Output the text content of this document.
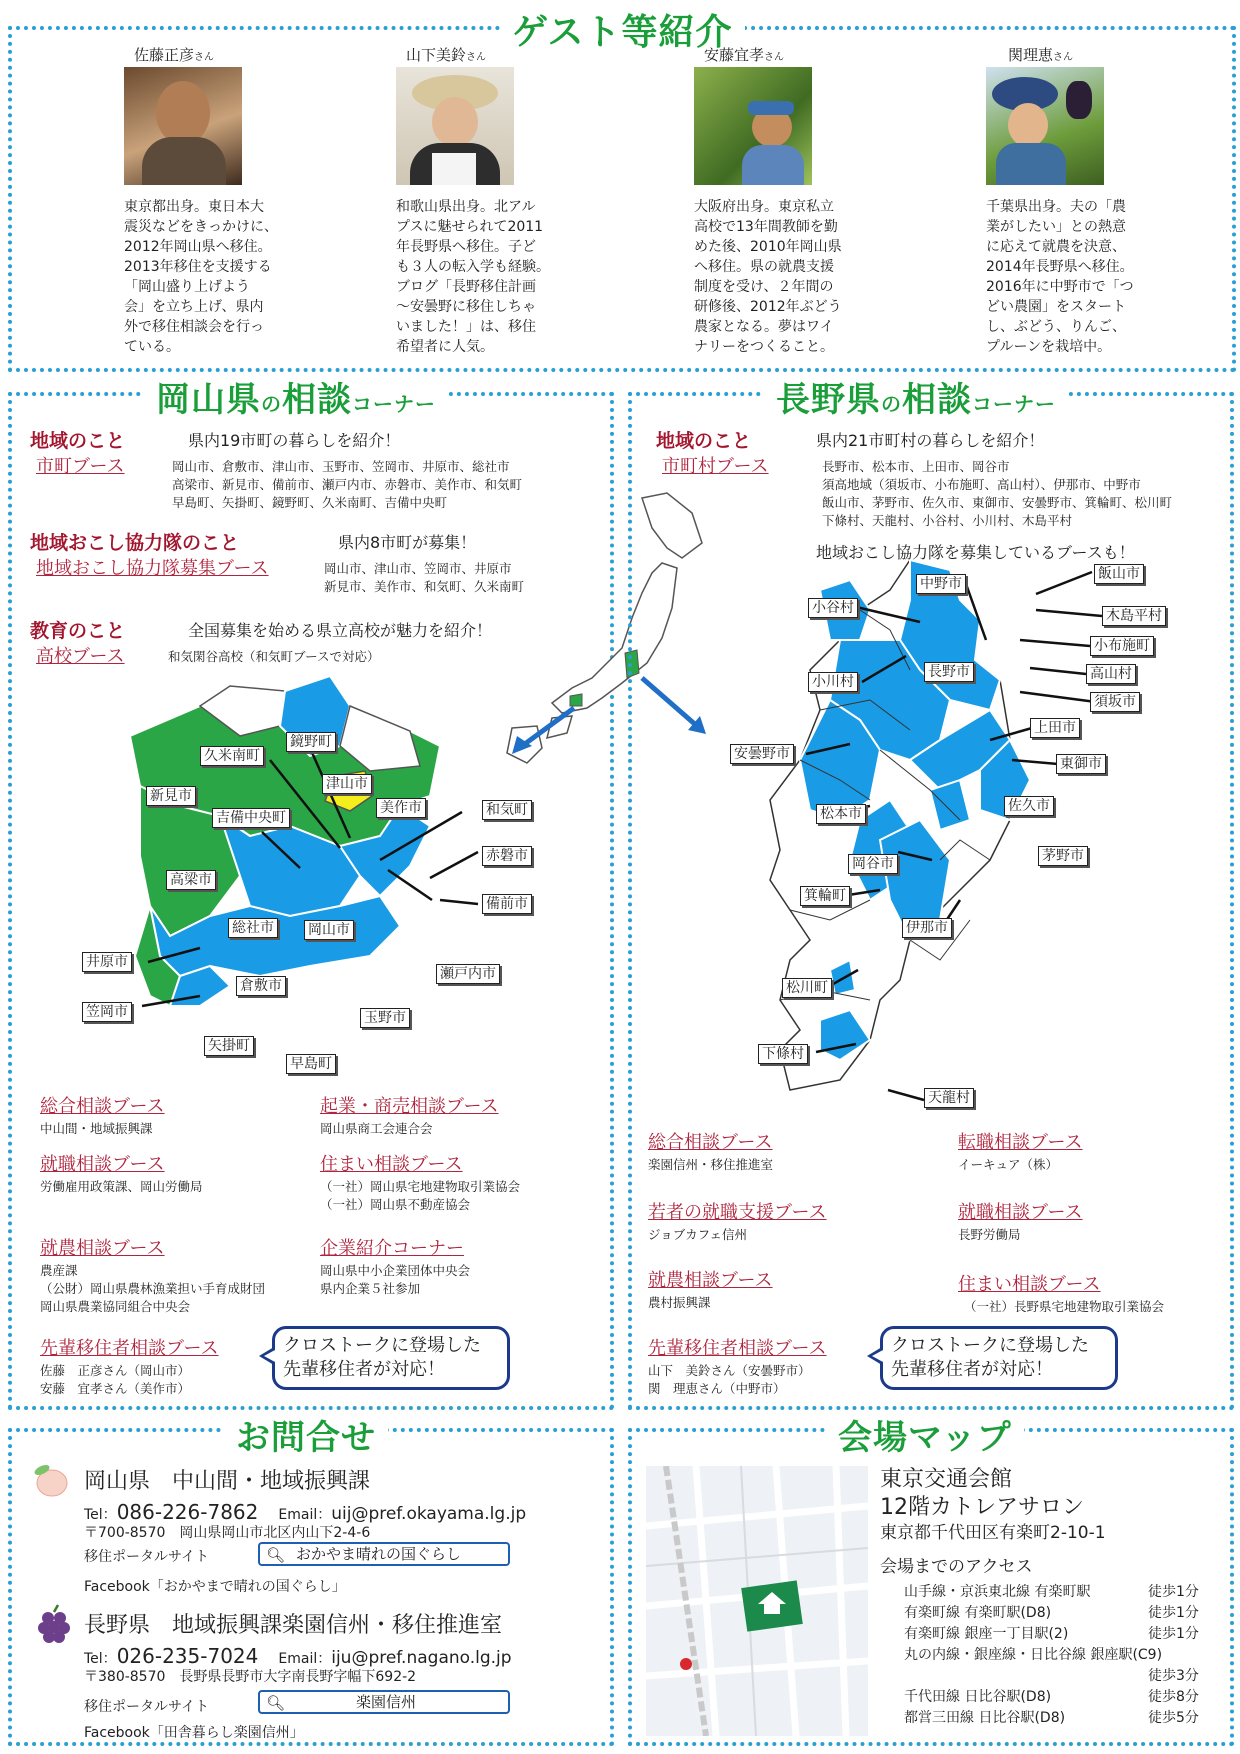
ゲスト等紹介
佐藤正彦さん
東京都出身。東日本大
震災などをきっかけに、
2012年岡山県へ移住。
2013年移住を支援する
「岡山盛り上げよう
会」を立ち上げ、県内
外で移住相談会を行っ
ている。
山下美鈴さん
和歌山県出身。北アル
プスに魅せられて2011
年長野県へ移住。子ど
も３人の転入学も経験。
ブログ「長野移住計画
～安曇野に移住しちゃ
いました！」は、移住
希望者に人気。
安藤宜孝さん
大阪府出身。東京私立
高校で13年間教師を勤
めた後、2010年岡山県
へ移住。県の就農支援
制度を受け、２年間の
研修後、2012年ぶどう
農家となる。夢はワイ
ナリーをつくること。
関理恵さん
千葉県出身。夫の「農
業がしたい」との熱意
に応えて就農を決意、
2014年長野県へ移住。
2016年に中野市で「つ
どい農園」をスタート
し、ぶどう、りんご、
プルーンを栽培中。
岡山県の相談コーナー
地域のこと	県内19市町の暮らしを紹介！
市町ブース	岡山市、倉敷市、津山市、玉野市、笠岡市、井原市、総社市
高梁市、新見市、備前市、瀬戸内市、赤磐市、美作市、和気町
早島町、矢掛町、鏡野町、久米南町、吉備中央町
地域おこし協力隊のこと	県内8市町が募集！
地域おこし協力隊募集ブース	岡山市、津山市、笠岡市、井原市
新見市、美作市、和気町、久米南町
教育のこと	全国募集を始める県立高校が魅力を紹介！
高校ブース	和気閑谷高校（和気町ブースで対応）
久米南町
鏡野町
新見市
津山市
吉備中央町
美作市	和気町
赤磐市
高梁市
備前市
総社市 岡山市
井原市
瀬戸内市
倉敷市
玉野市
笠岡市
矢掛町
早島町
総合相談ブース
中山間・地域振興課
起業・商売相談ブース
岡山県商工会連合会
就職相談ブース
労働雇用政策課、岡山労働局
住まい相談ブース
（一社）岡山県宅地建物取引業協会
（一社）岡山県不動産協会
就農相談ブース
農産課
（公財）岡山県農林漁業担い手育成財団
岡山県農業協同組合中央会
企業紹介コーナー
岡山県中小企業団体中央会
県内企業５社参加
先輩移住者相談ブース
佐藤　正彦さん（岡山市）
安藤　宜孝さん（美作市）
クロストークに登場した
先輩移住者が対応！
長野県の相談コーナー
地域のこと	県内21市町村の暮らしを紹介！
市町村ブース	長野市、松本市、上田市、岡谷市
須高地域（須坂市、小布施町、高山村）、伊那市、中野市
飯山市、茅野市、佐久市、東御市、安曇野市、箕輪町、松川町
下條村、天龍村、小谷村、小川村、木島平村
地域おこし協力隊を募集しているブースも！
中野市
飯山市
小谷村	木島平村
小布施町
小川村
長野市	高山村
須坂市
上田市
安曇野市
東御市
松本市	佐久市
岡谷市	茅野市
箕輪町
伊那市
松川町
下條村
天龍村
総合相談ブース
楽園信州・移住推進室
転職相談ブース
イーキュア（株）
若者の就職支援ブース
ジョブカフェ信州
就職相談ブース
長野労働局
就農相談ブース
農村振興課
住まい相談ブース
（一社）長野県宅地建物取引業協会
先輩移住者相談ブース
山下　美鈴さん（安曇野市）
関　理恵さん（中野市）
クロストークに登場した
先輩移住者が対応！
お問合せ
岡山県　 中山間・地域振興課
Tel：086-226-7862　 Email：uij@pref.okayama.lg.jp
〒700-8570　岡山県岡山市北区内山下2-4-6
移住ポータルサイト	🔍︎ おかやま晴れの国ぐらし
Facebook「おかやまで晴れの国ぐらし」
長野県　 地域振興課楽園信州・移住推進室
Tel：026-235-7024　 Email：iju@pref.nagano.lg.jp
〒380-8570　長野県長野市大字南長野字幅下692-2
移住ポータルサイト	🔍︎	楽園信州
Facebook「田舎暮らし楽園信州」
会場マップ
東京交通会館
12階カトレアサロン
東京都千代田区有楽町2-10-1
会場までのアクセス
山手線・京浜東北線 有楽町駅	徒歩1分
有楽町線 有楽町駅(D8)	徒歩1分
有楽町線 銀座一丁目駅(2)	徒歩1分
丸の内線・銀座線・日比谷線 銀座駅(C9)	
	徒歩3分
千代田線 日比谷駅(D8)	徒歩8分
都営三田線 日比谷駅(D8)	徒歩5分
